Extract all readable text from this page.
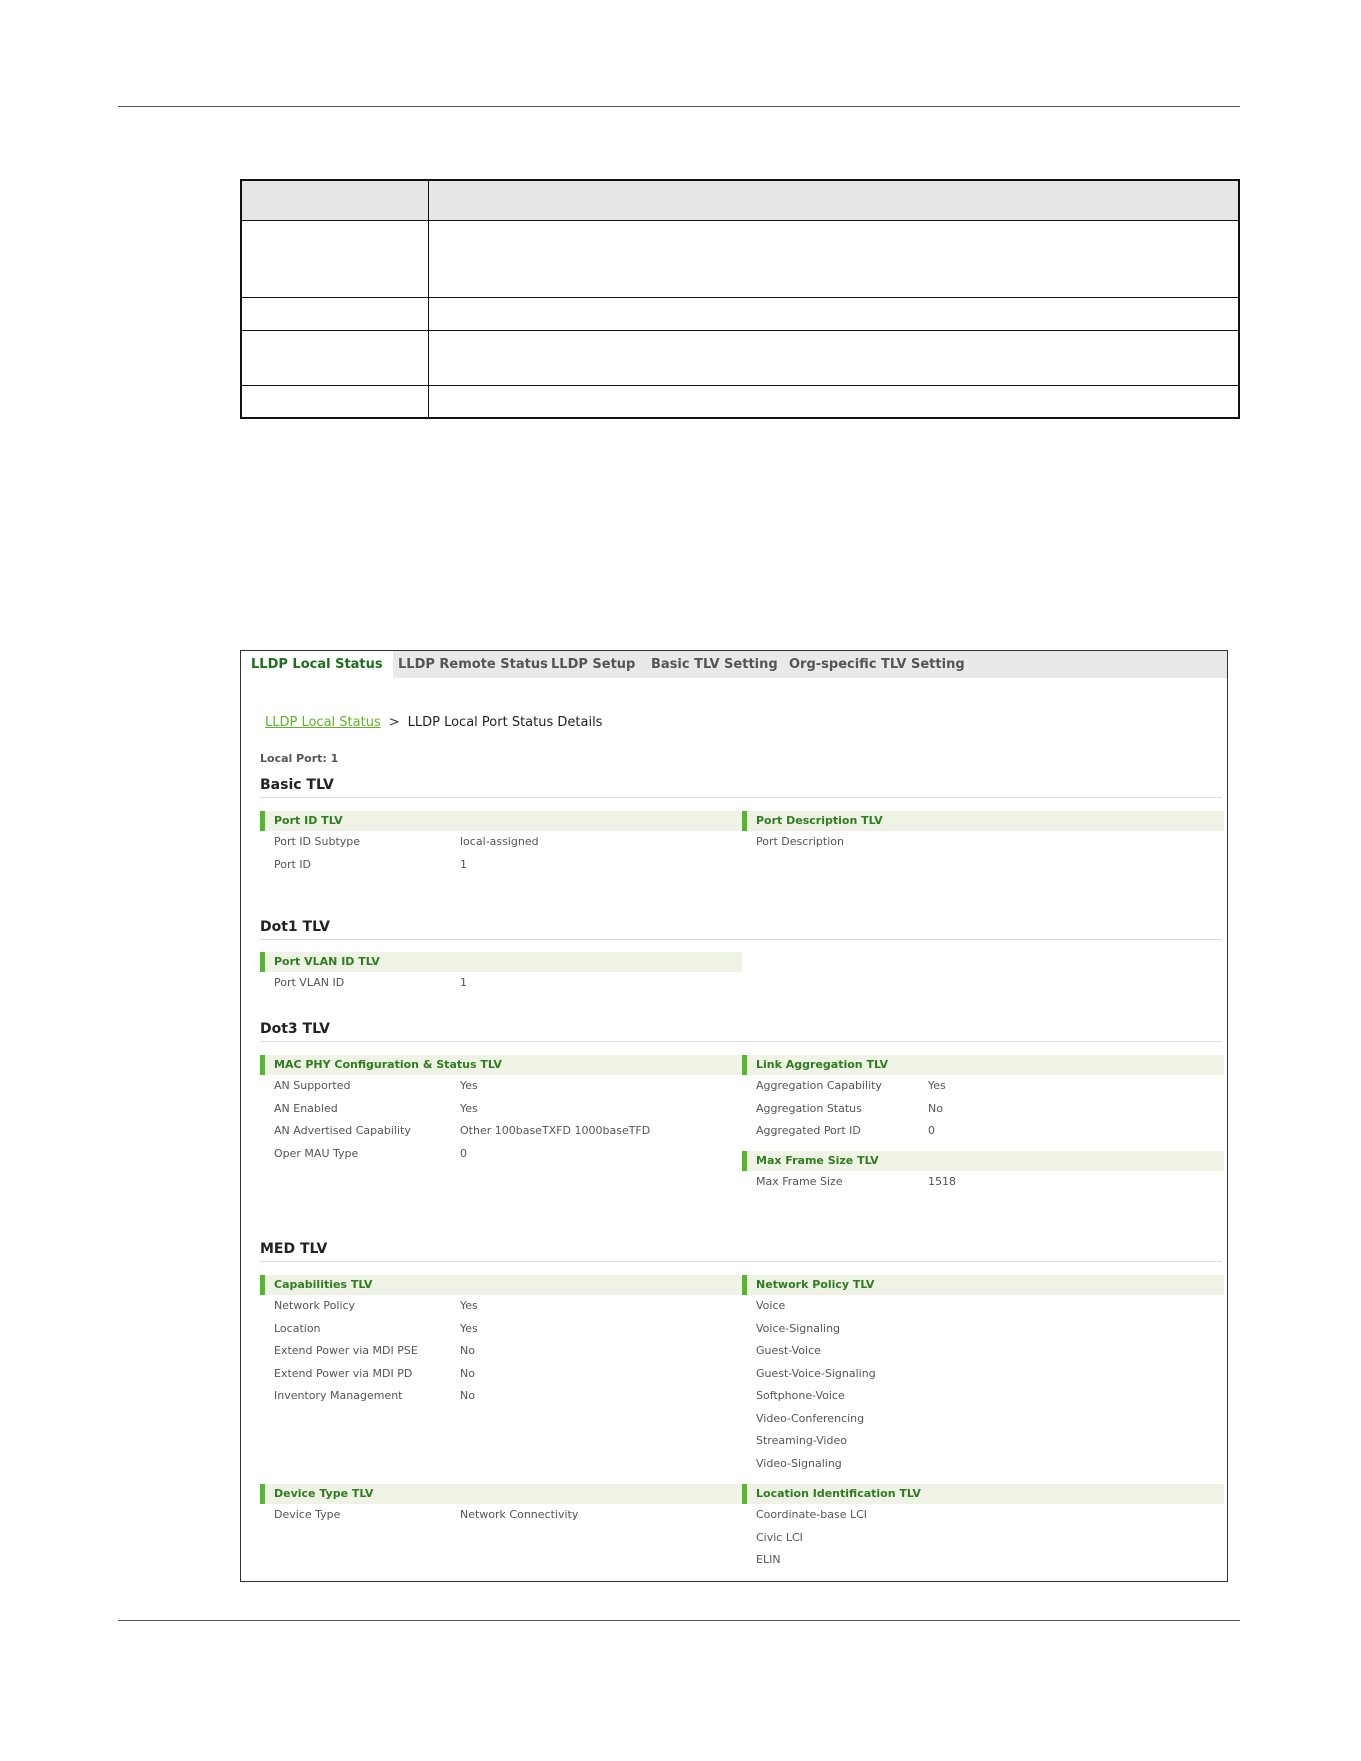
LLDP Local Status	LLDP Remote Status LLDP Setup Basic TLV Setting Org-specific TLV Setting
LLDP Local Status > LLDP Local Port Status Details
Local Port: 1
Basic TLV
Dot1 TLV
Dot3 TLV
MED TLV
Port ID TLV
Port ID Subtype	local-assigned
Port ID	1
Port Description TLV
Port Description
Port VLAN ID TLV
Port VLAN ID	1
MAC PHY Configuration & Status TLV
AN Supported	Yes
AN Enabled	Yes
AN Advertised Capability	Other 100baseTXFD 1000baseTFD
Oper MAU Type	0
Link Aggregation TLV
Aggregation Capability	Yes
Aggregation Status	No
Aggregated Port ID	0
Max Frame Size TLV
Max Frame Size	1518
Capabilities TLV
Network Policy	Yes
Location	Yes
Extend Power via MDI PSE	No
Extend Power via MDI PD	No
Inventory Management	No
Network Policy TLV
Voice
Voice-Signaling
Guest-Voice
Guest-Voice-Signaling
Softphone-Voice
Video-Conferencing
Streaming-Video
Video-Signaling
Device Type TLV
Device Type	Network Connectivity
Location Identification TLV
Coordinate-base LCI
Civic LCI
ELIN
